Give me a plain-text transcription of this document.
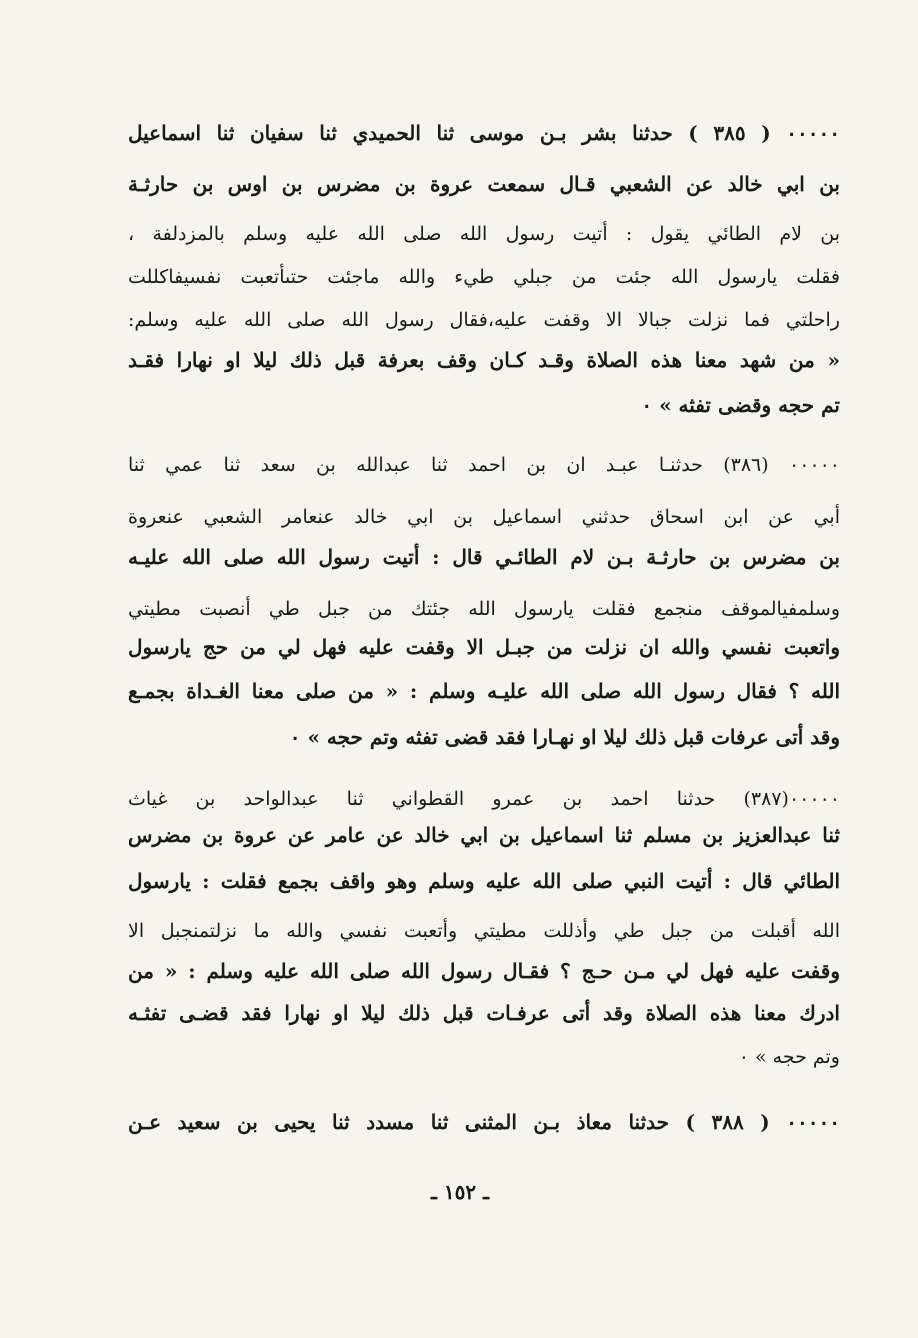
٠٠٠٠٠ ( ٣٨٥ ) حدثنا بشر بـن موسى ثنا الحميدي ثنا سفيان ثنا اسماعيل
بن ابي خالد عن الشعبي قـال سمعت عروة بن مضرس بن اوس بن حارثـة
بن لام الطائي يقول : أتيت رسول الله صلى الله عليه وسلم بالمزدلفة ،
فقلت يارسول الله جئت من جبلي طيء والله ماجئت حتىأتعبت نفسيفاكللت
راحلتي فما نزلت جبالا الا وقفت عليه،فقال رسول الله صلى الله عليه وسلم:
« من شهد معنا هذه الصلاة وقـد كـان وقف بعرفة قبل ذلك ليلا او نهارا فقـد
تم حجه وقضى تفثه » ٠
٠٠٠٠٠ (٣٨٦) حدثنـا عبـد ان بن احمد ثنا عبدالله بن سعد ثنا عمي ثنا
أبي عن ابن اسحاق حدثني اسماعيل بن ابي خالد عنعامر الشعبي عنعروة
بن مضرس بن حارثـة بـن لام الطائـي قال : أتيت رسول الله صلى الله عليـه
وسلمفيالموقف منجمع فقلت يارسول الله جئتك من جبل طي أنصبت مطيتي
واتعبت نفسي والله ان نزلت من جبـل الا وقفت عليه فهل لي من حج يارسول
الله ؟ فقال رسول الله صلى الله عليـه وسلم : « من صلى معنا الغـداة بجمـع
وقد أتى عرفات قبل ذلك ليلا او نهـارا فقد قضى تفثه وتم حجه » ٠
٠٠٠٠٠(٣٨٧) حدثنا احمد بن عمرو القطواني ثنا عبدالواحد بن غياث
ثنا عبدالعزيز بن مسلم ثنا اسماعيل بن ابي خالد عن عامر عن عروة بن مضرس
الطائي قال : أتيت النبي صلى الله عليه وسلم وهو واقف بجمع فقلت : يارسول
الله أقبلت من جبل طي وأذللت مطيتي وأتعبت نفسي والله ما نزلتمنجبل الا
وقفت عليه فهل لي مـن حـج ؟ فقـال رسول الله صلى الله عليه وسلم : « من
ادرك معنا هذه الصلاة وقد أتى عرفـات قبل ذلك ليلا او نهارا فقد قضـى تفثـه
وتم حجه » ٠
٠٠٠٠٠ ( ٣٨٨ ) حدثنا معاذ بـن المثنى ثنا مسدد ثنا يحيى بن سعيد عـن
ـ ١٥٢ ـ
